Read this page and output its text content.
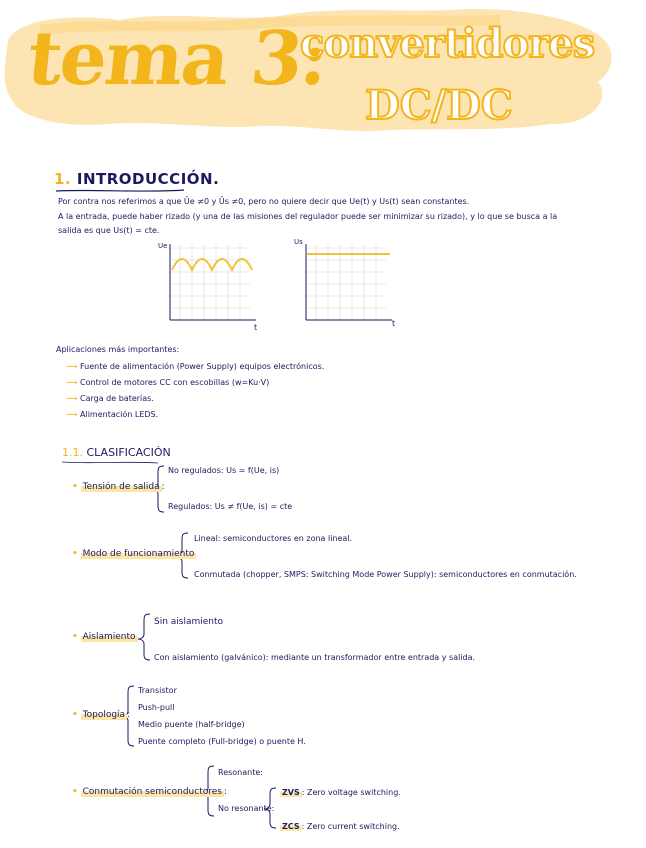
tema 3:
convertidores
DC/DC
1. INTRODUCCIÓN.
Por contra nos referimos a que Ūe ≠0 y Ūs ≠0, pero no quiere decir que Ue(t) y Us(t) sean constantes.
A la entrada, puede haber rizado (y una de las misiones del regulador puede ser minimizar su rizado), y lo que se busca a la
salida es que Us(t) = cte.
Ue
t
Us
t
Aplicaciones más importantes:
⟿ Fuente de alimentación (Power Supply) equipos electrónicos.
⟿ Control de motores CC con escobillas (w=Ku·V)
⟿ Carga de baterías.
⟿ Alimentación LEDS.
1.1. CLASIFICACIÓN
• Tensión de salida :
No regulados: Us = f(Ue, is)
Regulados: Us ≠ f(Ue, is) = cte
• Modo de funcionamiento
Lineal: semiconductores en zona lineal.
Conmutada (chopper, SMPS: Switching Mode Power Supply): semiconductores en conmutación.
• Aislamiento
Sin aislamiento
Con aislamiento (galvánico): mediante un transformador entre entrada y salida.
• Topología :
Transistor
Push-pull
Medio puente (half-bridge)
Puente completo (Full-bridge) o puente H.
• Conmutación semiconductores :
Resonante:
No resonante:
ZVS : Zero voltage switching.
ZCS : Zero current switching.
